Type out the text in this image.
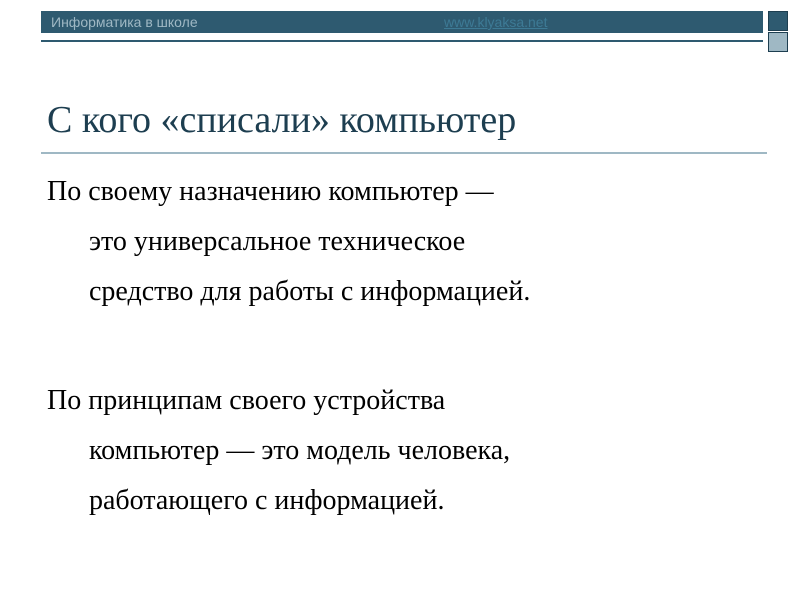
Информатика в школе	www.klyaksa.net
С кого «списали» компьютер

По своему назначению компьютер —
это универсальное техническое
средство для работы с информацией.

По принципам своего устройства
компьютер — это модель человека,
работающего с информацией.
